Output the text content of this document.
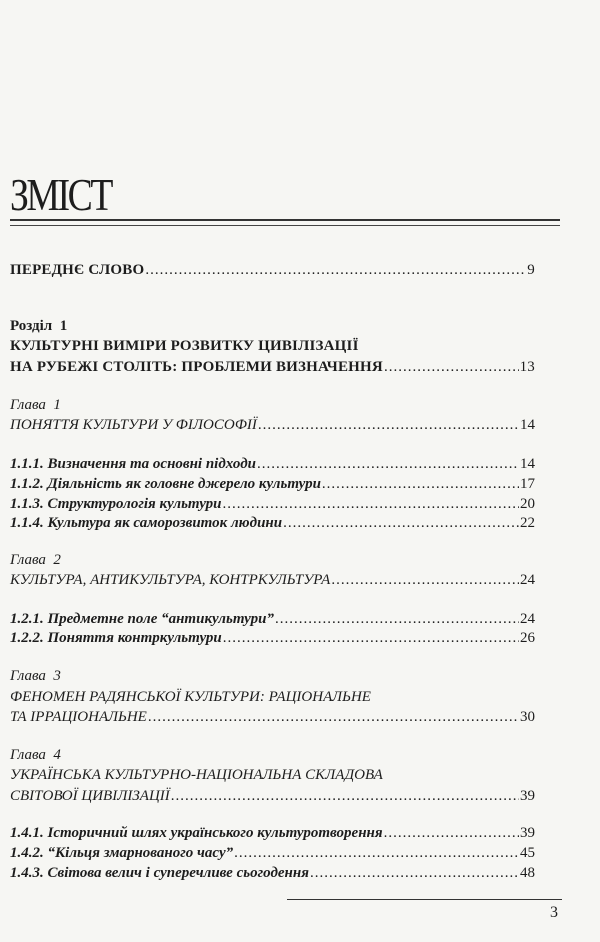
ЗМІСТ
ПЕРЕДНЄ СЛОВО .....	9
Розділ  1
КУЛЬТУРНІ ВИМІРИ РОЗВИТКУ ЦИВІЛІЗАЦІЇ
НА РУБЕЖІ СТОЛІТЬ: ПРОБЛЕМИ ВИЗНАЧЕННЯ .....	13
Глава  1
ПОНЯТТЯ КУЛЬТУРИ У ФІЛОСОФІЇ .....	14
1.1.1. Визначення та основні підходи .....	14
1.1.2. Діяльність як головне джерело культури .....	17
1.1.3. Структурологія культури .....	20
1.1.4. Культура як саморозвиток людини .....	22
Глава  2
КУЛЬТУРА, АНТИКУЛЬТУРА, КОНТРКУЛЬТУРА .....	24
1.2.1. Предметне поле “антикультури” .....	24
1.2.2. Поняття контркультури .....	26
Глава  3
ФЕНОМЕН РАДЯНСЬКОЇ КУЛЬТУРИ: РАЦІОНАЛЬНЕ
ТА ІРРАЦІОНАЛЬНЕ .....	30
Глава  4
УКРАЇНСЬКА КУЛЬТУРНО-НАЦІОНАЛЬНА СКЛАДОВА
СВІТОВОЇ ЦИВІЛІЗАЦІЇ .....	39
1.4.1. Історичний шлях українського культуротворення .....	39
1.4.2. “Кільця змарнованого часу” .....	45
1.4.3. Світова велич і суперечливе сьогодення .....	48
3
